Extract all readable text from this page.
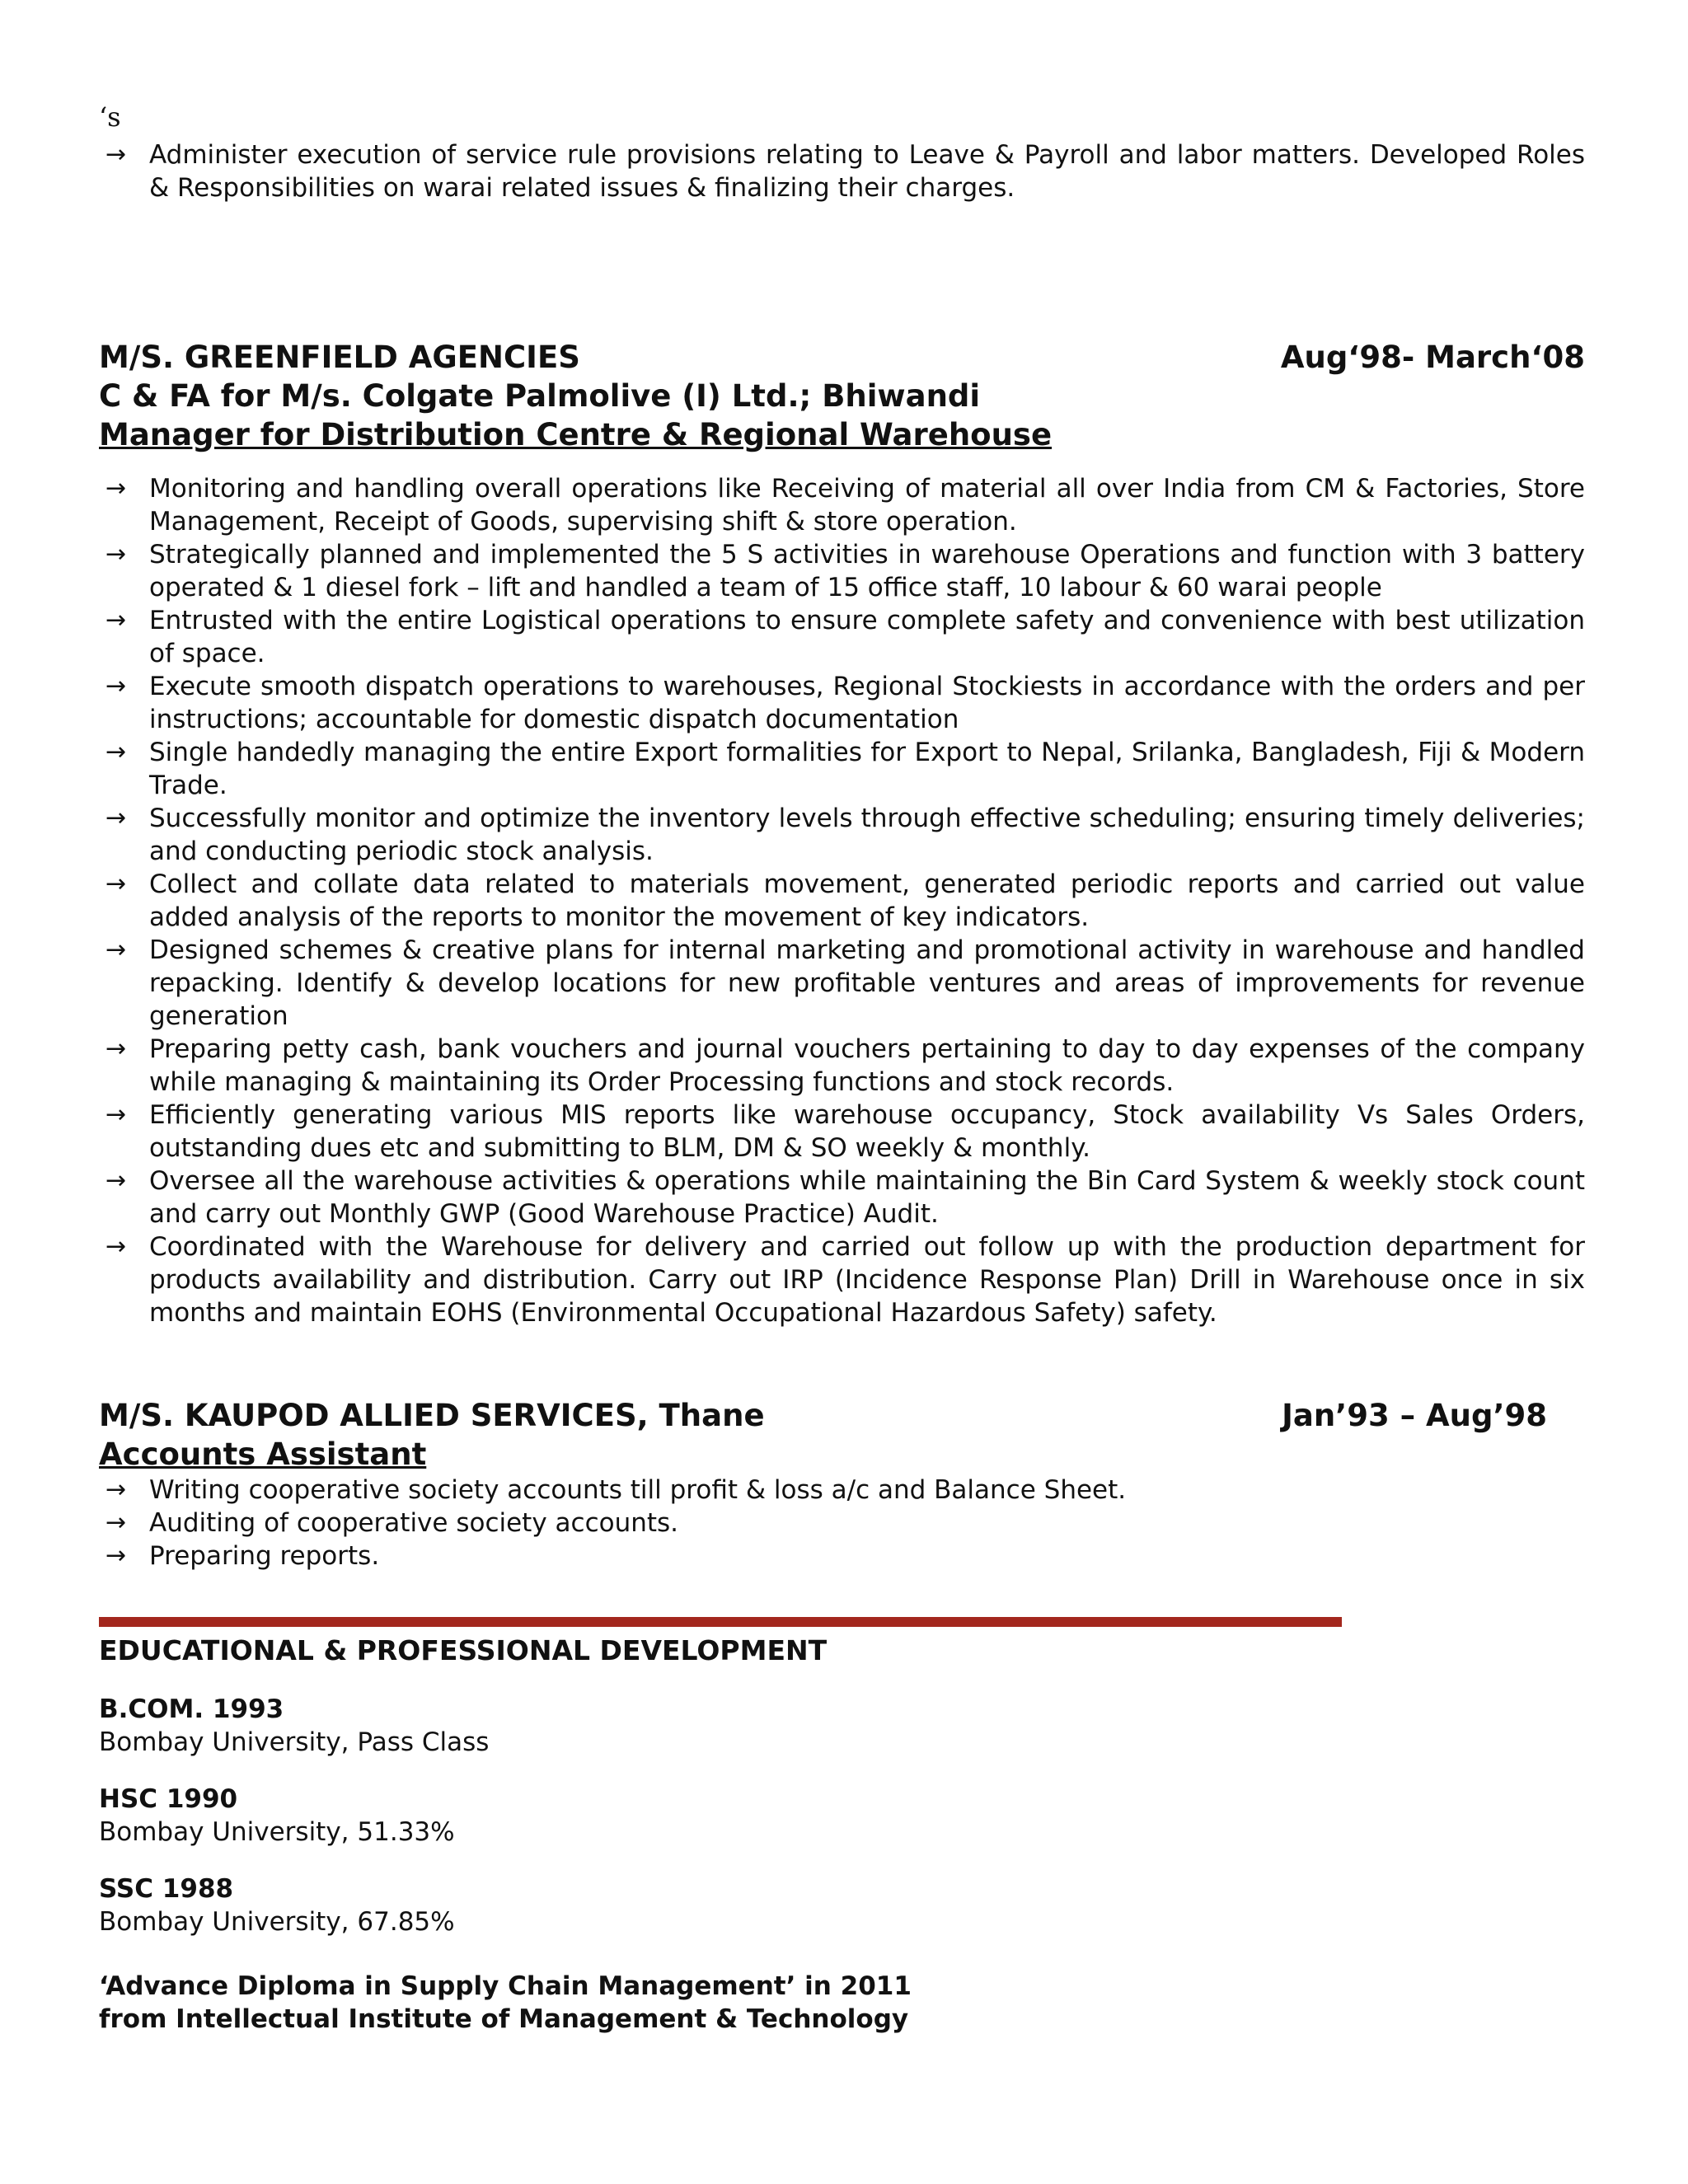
‘s
→ Administer execution of service rule provisions relating to Leave & Payroll and labor matters. Developed Roles & Responsibilities on warai related issues & finalizing their charges.
M/S. GREENFIELD AGENCIES	Aug‘98- March‘08
C & FA for M/s. Colgate Palmolive (I) Ltd.; Bhiwandi
Manager for Distribution Centre & Regional Warehouse
→ Monitoring and handling overall operations like Receiving of material all over India from CM & Factories, Store Management, Receipt of Goods, supervising shift & store operation.
→ Strategically planned and implemented the 5 S activities in warehouse Operations and function with 3 battery operated & 1 diesel fork – lift and handled a team of 15 office staff, 10 labour & 60 warai people
→ Entrusted with the entire Logistical operations to ensure complete safety and convenience with best utilization of space.
→ Execute smooth dispatch operations to warehouses, Regional Stockiests in accordance with the orders and per instructions; accountable for domestic dispatch documentation
→ Single handedly managing the entire Export formalities for Export to Nepal, Srilanka, Bangladesh, Fiji & Modern Trade.
→ Successfully monitor and optimize the inventory levels through effective scheduling; ensuring timely deliveries; and conducting periodic stock analysis.
→ Collect and collate data related to materials movement, generated periodic reports and carried out value added analysis of the reports to monitor the movement of key indicators.
→ Designed schemes & creative plans for internal marketing and promotional activity in warehouse and handled repacking. Identify & develop locations for new profitable ventures and areas of improvements for revenue generation
→ Preparing petty cash, bank vouchers and journal vouchers pertaining to day to day expenses of the company while managing & maintaining its Order Processing functions and stock records.
→ Efficiently generating various MIS reports like warehouse occupancy, Stock availability Vs Sales Orders, outstanding dues etc and submitting to BLM, DM & SO weekly & monthly.
→ Oversee all the warehouse activities & operations while maintaining the Bin Card System & weekly stock count and carry out Monthly GWP (Good Warehouse Practice) Audit.
→ Coordinated with the Warehouse for delivery and carried out follow up with the production department for products availability and distribution. Carry out IRP (Incidence Response Plan) Drill in Warehouse once in six months and maintain EOHS (Environmental Occupational Hazardous Safety) safety.
M/S. KAUPOD ALLIED SERVICES, Thane	Jan’93 – Aug’98
Accounts Assistant
→ Writing cooperative society accounts till profit & loss a/c and Balance Sheet.
→ Auditing of cooperative society accounts.
→ Preparing reports.
EDUCATIONAL & PROFESSIONAL DEVELOPMENT
B.COM. 1993
Bombay University, Pass Class
HSC 1990
Bombay University, 51.33%
SSC 1988
Bombay University, 67.85%
‘Advance Diploma in Supply Chain Management’ in 2011
from Intellectual Institute of Management & Technology
